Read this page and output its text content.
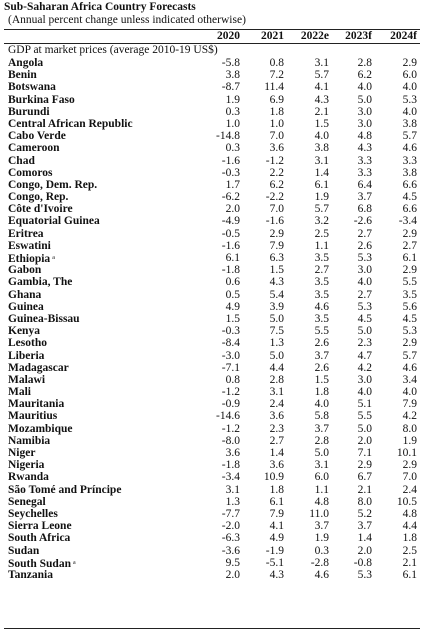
Sub-Saharan Africa Country Forecasts
(Annual percent change unless indicated otherwise)
2020	2021	2022e	2023f	2024f
GDP at market prices (average 2010-19 US$)
Angola	-5.8	0.8	3.1	2.8	2.9
Benin	3.8	7.2	5.7	6.2	6.0
Botswana	-8.7	11.4	4.1	4.0	4.0
Burkina Faso	1.9	6.9	4.3	5.0	5.3
Burundi	0.3	1.8	2.1	3.0	4.0
Central African Republic	1.0	1.0	1.5	3.0	3.8
Cabo Verde	-14.8	7.0	4.0	4.8	5.7
Cameroon	0.3	3.6	3.8	4.3	4.6
Chad	-1.6	-1.2	3.1	3.3	3.3
Comoros	-0.3	2.2	1.4	3.3	3.8
Congo, Dem. Rep.	1.7	6.2	6.1	6.4	6.6
Congo, Rep.	-6.2	-2.2	1.9	3.7	4.5
Côte d'Ivoire	2.0	7.0	5.7	6.8	6.6
Equatorial Guinea	-4.9	-1.6	3.2	-2.6	-3.4
Eritrea	-0.5	2.9	2.5	2.7	2.9
Eswatini	-1.6	7.9	1.1	2.6	2.7
Ethiopia $^a$	6.1	6.3	3.5	5.3	6.1
Gabon	-1.8	1.5	2.7	3.0	2.9
Gambia, The	0.6	4.3	3.5	4.0	5.5
Ghana	0.5	5.4	3.5	2.7	3.5
Guinea	4.9	3.9	4.6	5.3	5.6
Guinea-Bissau	1.5	5.0	3.5	4.5	4.5
Kenya	-0.3	7.5	5.5	5.0	5.3
Lesotho	-8.4	1.3	2.6	2.3	2.9
Liberia	-3.0	5.0	3.7	4.7	5.7
Madagascar	-7.1	4.4	2.6	4.2	4.6
Malawi	0.8	2.8	1.5	3.0	3.4
Mali	-1.2	3.1	1.8	4.0	4.0
Mauritania	-0.9	2.4	4.0	5.1	7.9
Mauritius	-14.6	3.6	5.8	5.5	4.2
Mozambique	-1.2	2.3	3.7	5.0	8.0
Namibia	-8.0	2.7	2.8	2.0	1.9
Niger	3.6	1.4	5.0	7.1	10.1
Nigeria	-1.8	3.6	3.1	2.9	2.9
Rwanda	-3.4	10.9	6.0	6.7	7.0
São Tomé and Príncipe	3.1	1.8	1.1	2.1	2.4
Senegal	1.3	6.1	4.8	8.0	10.5
Seychelles	-7.7	7.9	11.0	5.2	4.8
Sierra Leone	-2.0	4.1	3.7	3.7	4.4
South Africa	-6.3	4.9	1.9	1.4	1.8
Sudan	-3.6	-1.9	0.3	2.0	2.5
South Sudan $^a$	9.5	-5.1	-2.8	-0.8	2.1
Tanzania	2.0	4.3	4.6	5.3	6.1
